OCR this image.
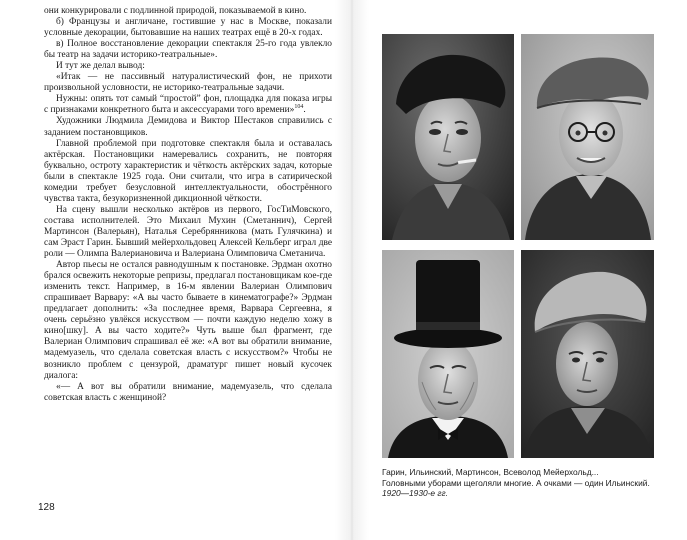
они конкурировали с подлинной природой, показываемой в кино.

б) Французы и англичане, гостившие у нас в Москве, показали условные декорации, бытовавшие на наших театрах ещё в 20-х годах.

в) Полное восстановление декорации спектакля 25-го года увлекло бы театр на задачи историко-театральные».

И тут же делал вывод:

«Итак — не пассивный натуралистический фон, не прихоти произвольной условности, не историко-театральные задачи.

Нужны: опять тот самый “простой” фон, площадка для показа игры с признаками конкретного быта и аксессуарами того времени»$^{104}$.

Художники Людмила Демидова и Виктор Шестаков справились с заданием постановщиков.

Главной проблемой при подготовке спектакля была и оставалась актёрская. Постановщики намеревались сохранить, не повторяя буквально, остроту характеристик и чёткость актёрских задач, которые были в спектакле 1925 года. Они считали, что игра в сатирической комедии требует безусловной интеллектуальности, обострённого чувства такта, безукоризненной дикционной чёткости.

На сцену вышли несколько актёров из первого, ГосТиМовского, состава исполнителей. Это Михаил Мухин (Сметаннич), Сергей Мартинсон (Валерьян), Наталья Серебрянникова (мать Гулячкина) и сам Эраст Гарин. Бывший мейерхольдовец Алексей Кельберг играл две роли — Олимпа Валериановича и Валериана Олимповича Сметанича.

Автор пьесы не остался равнодушным к постановке. Эрдман охотно брался освежить некоторые репризы, предлагал постановщикам кое-где изменить текст. Например, в 16-м явлении Валериан Олимпович спрашивает Варвару: «А вы часто бываете в кинематографе?» Эрдман предлагает дополнить: «За последнее время, Варвара Сергеевна, я очень серьёзно увлёкся искусством — почти каждую неделю хожу в кино[шку]. А вы часто ходите?» Чуть выше был фрагмент, где Валериан Олимпович спрашивал её же: «А вот вы обратили внимание, мадемуазель, что сделала советская власть с искусством?» Чтобы не возникло проблем с цензурой, драматург пишет новый кусочек диалога:

«— А вот вы обратили внимание, мадемуазель, что сделала советская власть с женщиной?

128
Гарин, Ильинский, Мартинсон, Всеволод Мейерхольд...
Головными уборами щеголяли многие. А очками — один Ильинский.
1920—1930-е гг.
